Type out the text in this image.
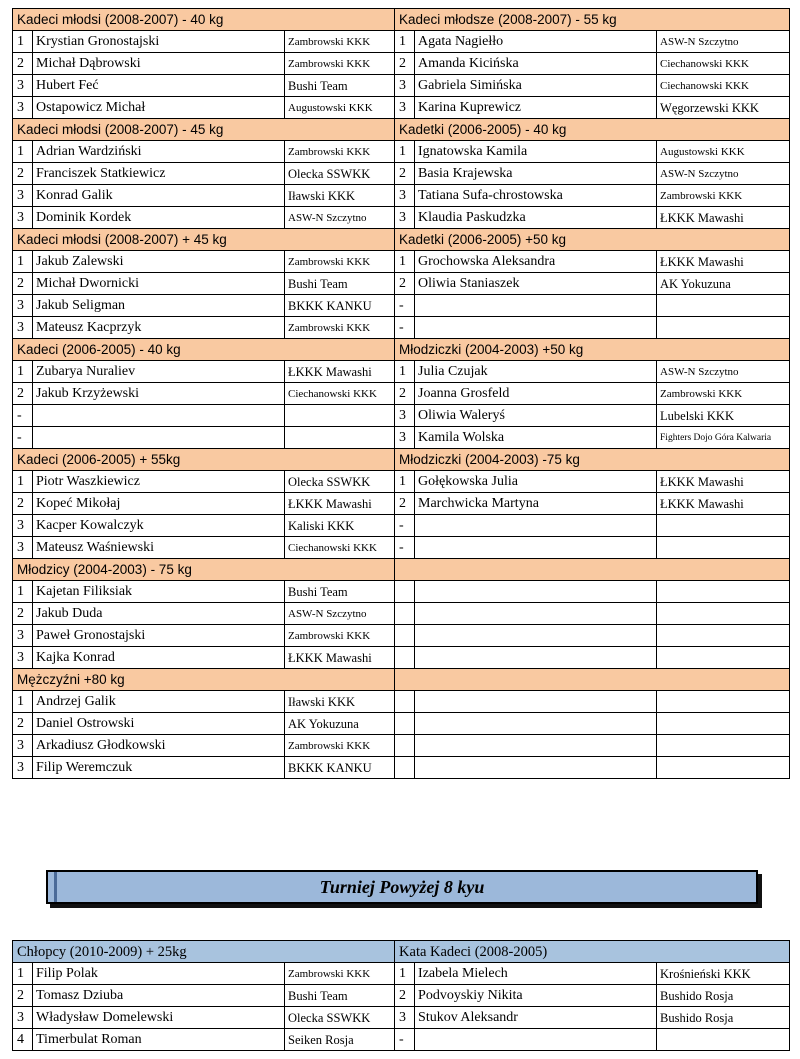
Kadeci młodsi (2008-2007) - 40 kg			Kadeci młodsze (2008-2007) - 55 kg		
1	Krystian Gronostajski	Zambrowski KKK	1	Agata Nagiełło	ASW-N Szczytno
2	Michał Dąbrowski	Zambrowski KKK	2	Amanda Kicińska	Ciechanowski KKK
3	Hubert Feć	Bushi Team	3	Gabriela Simińska	Ciechanowski KKK
3	Ostapowicz Michał	Augustowski KKK	3	Karina Kuprewicz	Węgorzewski KKK
Kadeci młodsi (2008-2007) - 45 kg			Kadetki (2006-2005) - 40 kg		
1	Adrian Wardziński	Zambrowski KKK	1	Ignatowska Kamila	Augustowski KKK
2	Franciszek Statkiewicz	Olecka SSWKK	2	Basia Krajewska	ASW-N Szczytno
3	Konrad Galik	Iławski KKK	3	Tatiana Sufa-chrostowska	Zambrowski KKK
3	Dominik Kordek	ASW-N Szczytno	3	Klaudia Paskudzka	ŁKKK Mawashi
Kadeci młodsi (2008-2007) + 45 kg			Kadetki (2006-2005) +50 kg		
1	Jakub Zalewski	Zambrowski KKK	1	Grochowska Aleksandra	ŁKKK Mawashi
2	Michał Dwornicki	Bushi Team	2	Oliwia Staniaszek	AK Yokuzuna
3	Jakub Seligman	BKKK KANKU	-		
3	Mateusz Kacprzyk	Zambrowski KKK	-		
Kadeci (2006-2005) - 40 kg			Młodziczki (2004-2003) +50 kg		
1	Zubarya Nuraliev	ŁKKK Mawashi	1	Julia Czujak	ASW-N Szczytno
2	Jakub Krzyżewski	Ciechanowski KKK	2	Joanna Grosfeld	Zambrowski KKK
-			3	Oliwia Waleryś	Lubelski KKK
-			3	Kamila Wolska	Fighters Dojo Góra Kalwaria
Kadeci (2006-2005) + 55kg			Młodziczki (2004-2003) -75 kg		
1	Piotr Waszkiewicz	Olecka SSWKK	1	Gołękowska Julia	ŁKKK Mawashi
2	Kopeć Mikołaj	ŁKKK Mawashi	2	Marchwicka Martyna	ŁKKK Mawashi
3	Kacper Kowalczyk	Kaliski KKK	-		
3	Mateusz Waśniewski	Ciechanowski KKK	-		
Młodzicy (2004-2003) - 75 kg					
1	Kajetan Filiksiak	Bushi Team			
2	Jakub Duda	ASW-N Szczytno			
3	Paweł Gronostajski	Zambrowski KKK			
3	Kajka Konrad	ŁKKK Mawashi			
Mężczyźni +80 kg					
1	Andrzej Galik	Iławski KKK			
2	Daniel Ostrowski	AK Yokuzuna			
3	Arkadiusz Głodkowski	Zambrowski KKK			
3	Filip Weremczuk	BKKK KANKU			
Turniej Powyżej 8 kyu
Chłopcy (2010-2009) + 25kg			Kata Kadeci (2008-2005)		
1	Filip Polak	Zambrowski KKK	1	Izabela Mielech	Krośnieński KKK
2	Tomasz Dziuba	Bushi Team	2	Podvoyskiy Nikita	Bushido Rosja
3	Władysław Domelewski	Olecka SSWKK	3	Stukov Aleksandr	Bushido Rosja
4	Timerbulat Roman	Seiken Rosja	-		
